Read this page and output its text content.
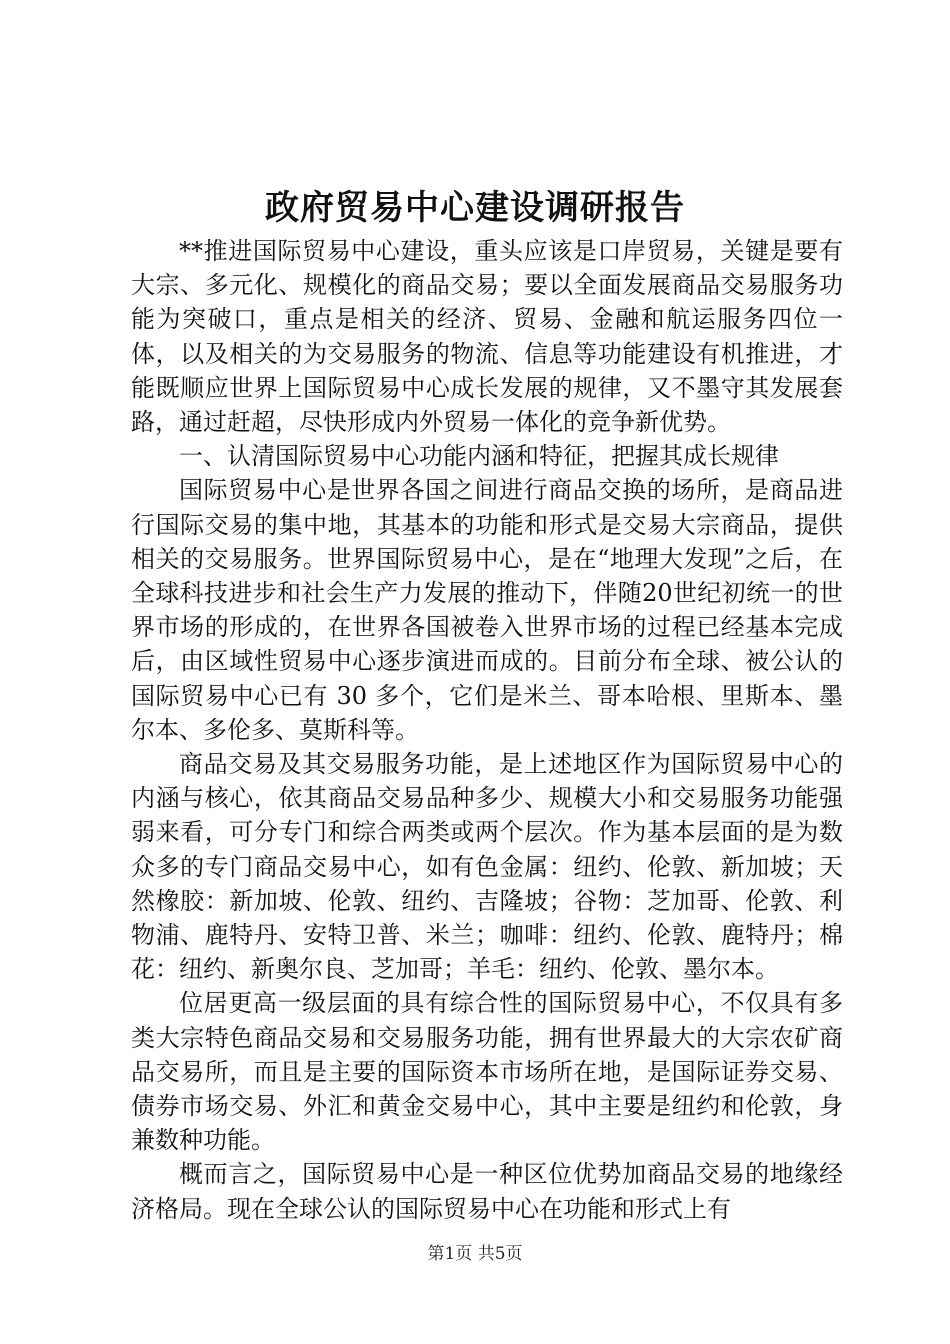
政府贸易中心建设调研报告

**推进国际贸易中心建设，重头应该是口岸贸易，关键是要有大宗、多元化、规模化的商品交易；要以全面发展商品交易服务功能为突破口，重点是相关的经济、贸易、金融和航运服务四位一体，以及相关的为交易服务的物流、信息等功能建设有机推进，才能既顺应世界上国际贸易中心成长发展的规律，又不墨守其发展套路，通过赶超，尽快形成内外贸易一体化的竞争新优势。

一、认清国际贸易中心功能内涵和特征，把握其成长规律

国际贸易中心是世界各国之间进行商品交换的场所，是商品进行国际交易的集中地，其基本的功能和形式是交易大宗商品，提供相关的交易服务。世界国际贸易中心，是在“地理大发现”之后，在全球科技进步和社会生产力发展的推动下，伴随20世纪初统一的世界市场的形成的，在世界各国被卷入世界市场的过程已经基本完成后，由区域性贸易中心逐步演进而成的。目前分布全球、被公认的国际贸易中心已有 30 多个，它们是米兰、哥本哈根、里斯本、墨尔本、多伦多、莫斯科等。

商品交易及其交易服务功能，是上述地区作为国际贸易中心的内涵与核心，依其商品交易品种多少、规模大小和交易服务功能强弱来看，可分专门和综合两类或两个层次。作为基本层面的是为数众多的专门商品交易中心，如有色金属：纽约、伦敦、新加坡；天然橡胶：新加坡、伦敦、纽约、吉隆坡；谷物：芝加哥、伦敦、利物浦、鹿特丹、安特卫普、米兰；咖啡：纽约、伦敦、鹿特丹；棉花：纽约、新奥尔良、芝加哥；羊毛：纽约、伦敦、墨尔本。

位居更高一级层面的具有综合性的国际贸易中心，不仅具有多类大宗特色商品交易和交易服务功能，拥有世界最大的大宗农矿商品交易所，而且是主要的国际资本市场所在地，是国际证券交易、债券市场交易、外汇和黄金交易中心，其中主要是纽约和伦敦，身兼数种功能。

概而言之，国际贸易中心是一种区位优势加商品交易的地缘经济格局。现在全球公认的国际贸易中心在功能和形式上有

第1页 共5页
